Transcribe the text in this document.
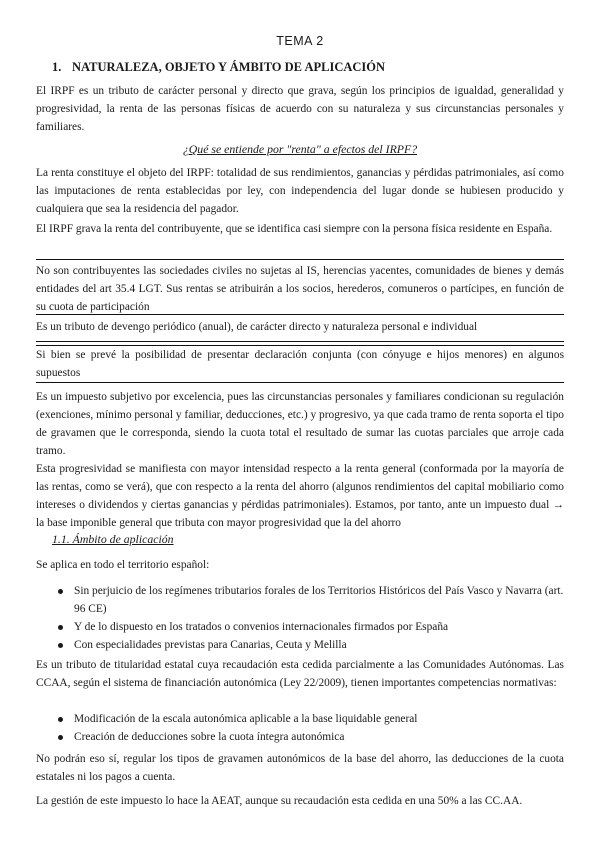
TEMA 2
1. NATURALEZA, OBJETO Y ÁMBITO DE APLICACIÓN
El IRPF es un tributo de carácter personal y directo que grava, según los principios de igualdad, generalidad y progresividad, la renta de las personas físicas de acuerdo con su naturaleza y sus circunstancias personales y familiares.
¿Qué se entiende por "renta" a efectos del IRPF?
La renta constituye el objeto del IRPF: totalidad de sus rendimientos, ganancias y pérdidas patrimoniales, así como las imputaciones de renta establecidas por ley, con independencia del lugar donde se hubiesen producido y cualquiera que sea la residencia del pagador.
El IRPF grava la renta del contribuyente, que se identifica casi siempre con la persona física residente en España.
No son contribuyentes las sociedades civiles no sujetas al IS, herencias yacentes, comunidades de bienes y demás entidades del art 35.4 LGT. Sus rentas se atribuirán a los socios, herederos, comuneros o partícipes, en función de su cuota de participación
Es un tributo de devengo periódico (anual), de carácter directo y naturaleza personal e individual
Si bien se prevé la posibilidad de presentar declaración conjunta (con cónyuge e hijos menores) en algunos supuestos
Es un impuesto subjetivo por excelencia, pues las circunstancias personales y familiares condicionan su regulación (exenciones, mínimo personal y familiar, deducciones, etc.) y progresivo, ya que cada tramo de renta soporta el tipo de gravamen que le corresponda, siendo la cuota total el resultado de sumar las cuotas parciales que arroje cada tramo.
Esta progresividad se manifiesta con mayor intensidad respecto a la renta general (conformada por la mayoría de las rentas, como se verá), que con respecto a la renta del ahorro (algunos rendimientos del capital mobiliario como intereses o dividendos y ciertas ganancias y pérdidas patrimoniales). Estamos, por tanto, ante un impuesto dual → la base imponible general que tributa con mayor progresividad que la del ahorro
1.1. Ámbito de aplicación
Se aplica en todo el territorio español:
Sin perjuicio de los regímenes tributarios forales de los Territorios Históricos del País Vasco y Navarra (art. 96 CE)
Y de lo dispuesto en los tratados o convenios internacionales firmados por España
Con especialidades previstas para Canarias, Ceuta y Melilla
Es un tributo de titularidad estatal cuya recaudación esta cedida parcialmente a las Comunidades Autónomas. Las CCAA, según el sistema de financiación autonómica (Ley 22/2009), tienen importantes competencias normativas:
Modificación de la escala autonómica aplicable a la base liquidable general
Creación de deducciones sobre la cuota íntegra autonómica
No podrán eso sí, regular los tipos de gravamen autonómicos de la base del ahorro, las deducciones de la cuota estatales ni los pagos a cuenta.
La gestión de este impuesto lo hace la AEAT, aunque su recaudación esta cedida en una 50% a las CC.AA.
